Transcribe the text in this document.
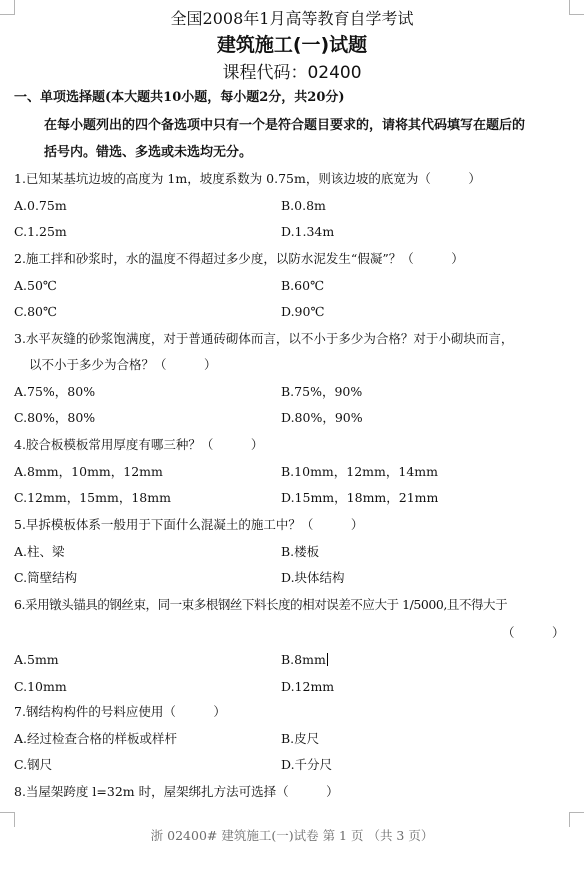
全国2008年1月高等教育自学考试
建筑施工(一)试题
课程代码：02400
一、单项选择题(本大题共10小题，每小题2分，共20分)
在每小题列出的四个备选项中只有一个是符合题目要求的，请将其代码填写在题后的
括号内。错选、多选或未选均无分。
1.已知某基坑边坡的高度为 1m，坡度系数为 0.75m，则该边坡的底宽为（　　　）
A.0.75m	B.0.8m
C.1.25m	D.1.34m
2.施工拌和砂浆时，水的温度不得超过多少度，以防水泥发生“假凝”？（　　　）
A.50℃	B.60℃
C.80℃	D.90℃
3.水平灰缝的砂浆饱满度，对于普通砖砌体而言，以不小于多少为合格？对于小砌块而言，
以不小于多少为合格？（　　　）
A.75%，80%	B.75%，90%
C.80%，80%	D.80%，90%
4.胶合板模板常用厚度有哪三种？（　　　）
A.8mm，10mm，12mm	B.10mm，12mm，14mm
C.12mm，15mm，18mm	D.15mm，18mm，21mm
5.早拆模板体系一般用于下面什么混凝土的施工中？（　　　）
A.柱、梁	B.楼板
C.筒壁结构	D.块体结构
6.采用镦头锚具的钢丝束，同一束多根钢丝下料长度的相对误差不应大于 1/5000,且不得大于
（　　　）
A.5mm	B.8mm
C.10mm	D.12mm
7.钢结构构件的号料应使用（　　　）
A.经过检查合格的样板或样杆	B.皮尺
C.钢尺	D.千分尺
8.当屋架跨度 l=32m 时，屋架绑扎方法可选择（　　　）
浙 02400# 建筑施工(一)试卷 第 1 页 （共 3 页）
